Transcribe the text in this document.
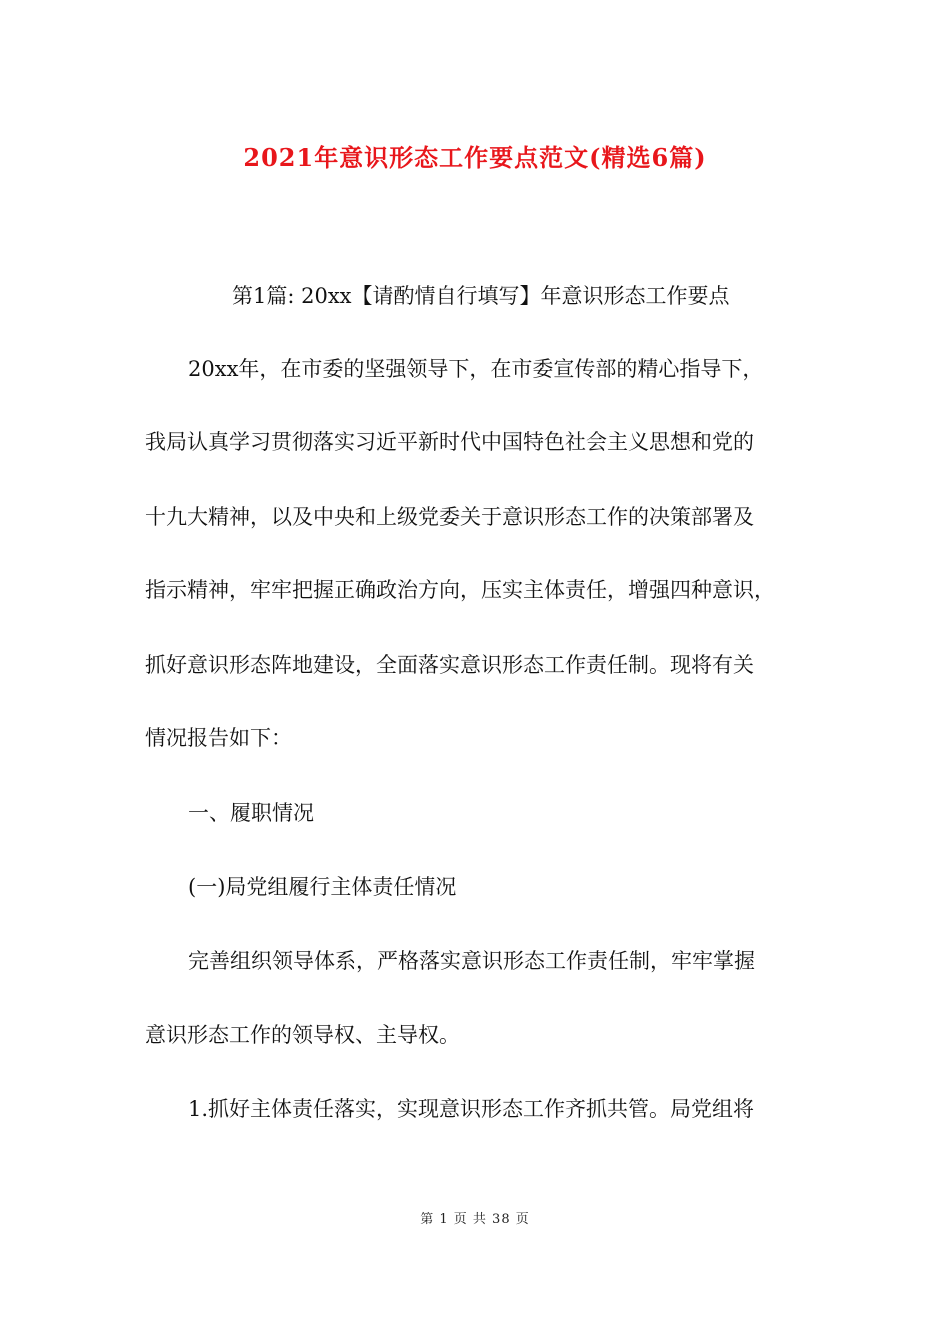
2021年意识形态工作要点范文(精选6篇)
第1篇: 20xx【请酌情自行填写】年意识形态工作要点
20xx年，在市委的坚强领导下，在市委宣传部的精心指导下，
我局认真学习贯彻落实习近平新时代中国特色社会主义思想和党的
十九大精神，以及中央和上级党委关于意识形态工作的决策部署及
指示精神，牢牢把握正确政治方向，压实主体责任，增强四种意识，
抓好意识形态阵地建设，全面落实意识形态工作责任制。现将有关
情况报告如下：
一、履职情况
(一)局党组履行主体责任情况
完善组织领导体系，严格落实意识形态工作责任制，牢牢掌握
意识形态工作的领导权、主导权。
1.抓好主体责任落实，实现意识形态工作齐抓共管。局党组将
第 1 页 共 38 页
